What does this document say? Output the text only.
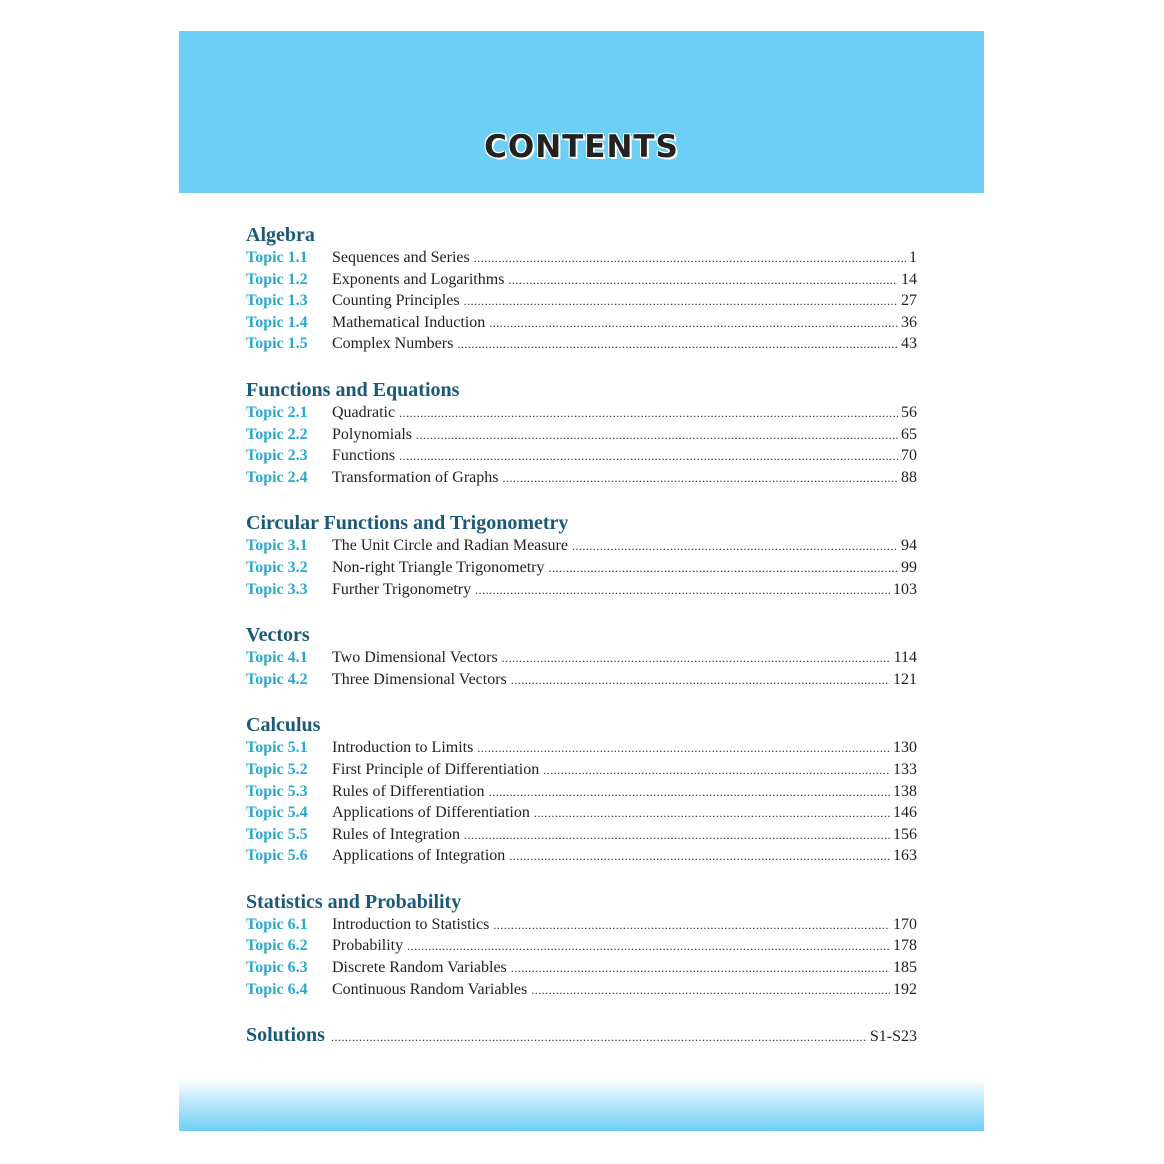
CONTENTS
Algebra
Topic 1.1	Sequences and Series .....	1
Topic 1.2	Exponents and Logarithms .....	14
Topic 1.3	Counting Principles .....	27
Topic 1.4	Mathematical Induction .....	36
Topic 1.5	Complex Numbers .....	43
Functions and Equations
Topic 2.1	Quadratic .....	56
Topic 2.2	Polynomials .....	65
Topic 2.3	Functions .....	70
Topic 2.4	Transformation of Graphs .....	88
Circular Functions and Trigonometry
Topic 3.1	The Unit Circle and Radian Measure .....	94
Topic 3.2	Non-right Triangle Trigonometry .....	99
Topic 3.3	Further Trigonometry .....	103
Vectors
Topic 4.1	Two Dimensional Vectors .....	114
Topic 4.2	Three Dimensional Vectors .....	121
Calculus
Topic 5.1	Introduction to Limits .....	130
Topic 5.2	First Principle of Differentiation .....	133
Topic 5.3	Rules of Differentiation .....	138
Topic 5.4	Applications of Differentiation .....	146
Topic 5.5	Rules of Integration .....	156
Topic 5.6	Applications of Integration .....	163
Statistics and Probability
Topic 6.1	Introduction to Statistics .....	170
Topic 6.2	Probability .....	178
Topic 6.3	Discrete Random Variables .....	185
Topic 6.4	Continuous Random Variables .....	192
Solutions .....	S1-S23
